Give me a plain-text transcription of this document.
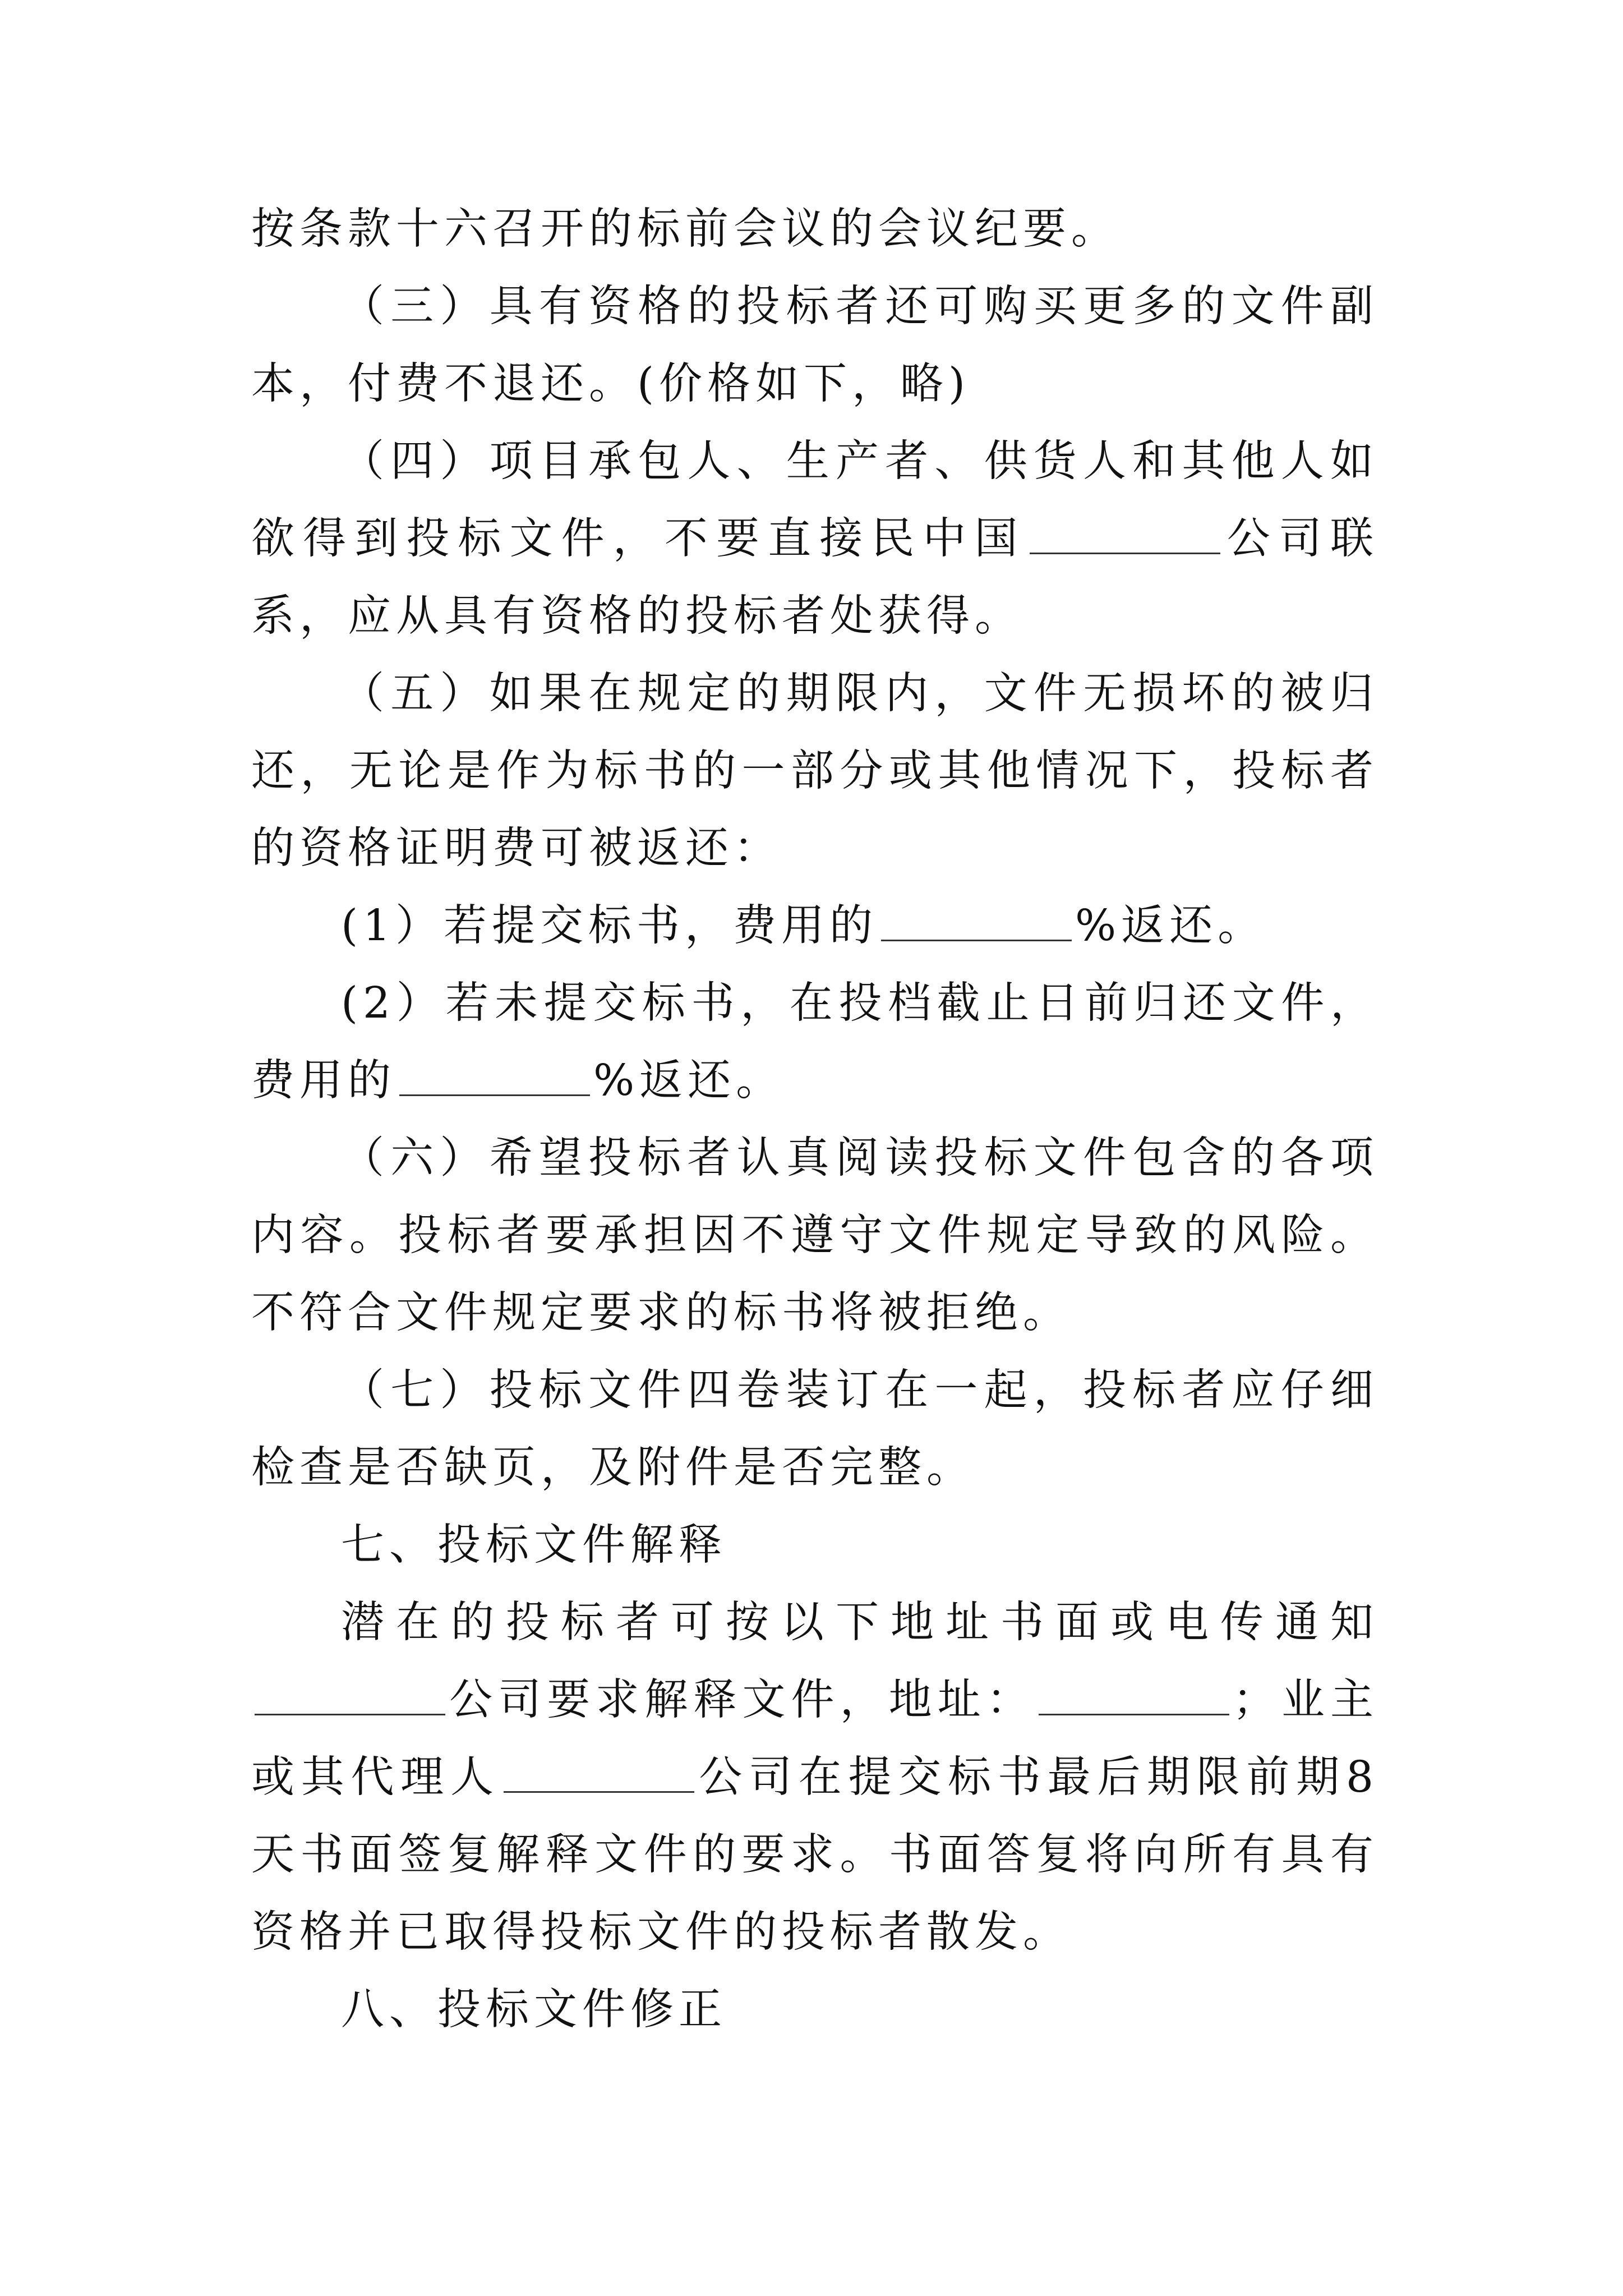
按条款十六召开的标前会议的会议纪要。

（三）具有资格的投标者还可购买更多的文件副本，付费不退还。(价格如下，略)

（四）项目承包人、生产者、供货人和其他人如欲得到投标文件，不要直接民中国	公司联系，应从具有资格的投标者处获得。

（五）如果在规定的期限内，文件无损坏的被归还，无论是作为标书的一部分或其他情况下，投标者的资格证明费可被返还：

(1）若提交标书，费用的	%返还。

(2）若未提交标书，在投档截止日前归还文件，费用的	%返还。

（六）希望投标者认真阅读投标文件包含的各项内容。投标者要承担因不遵守文件规定导致的风险。不符合文件规定要求的标书将被拒绝。

（七）投标文件四卷装订在一起，投标者应仔细检查是否缺页，及附件是否完整。

七、投标文件解释

潜在的投标者可按以下地址书面或电传通知公司要求解释文件，地址：	；业主或其代理人	公司在提交标书最后期限前期8天书面签复解释文件的要求。书面答复将向所有具有资格并已取得投标文件的投标者散发。

八、投标文件修正
